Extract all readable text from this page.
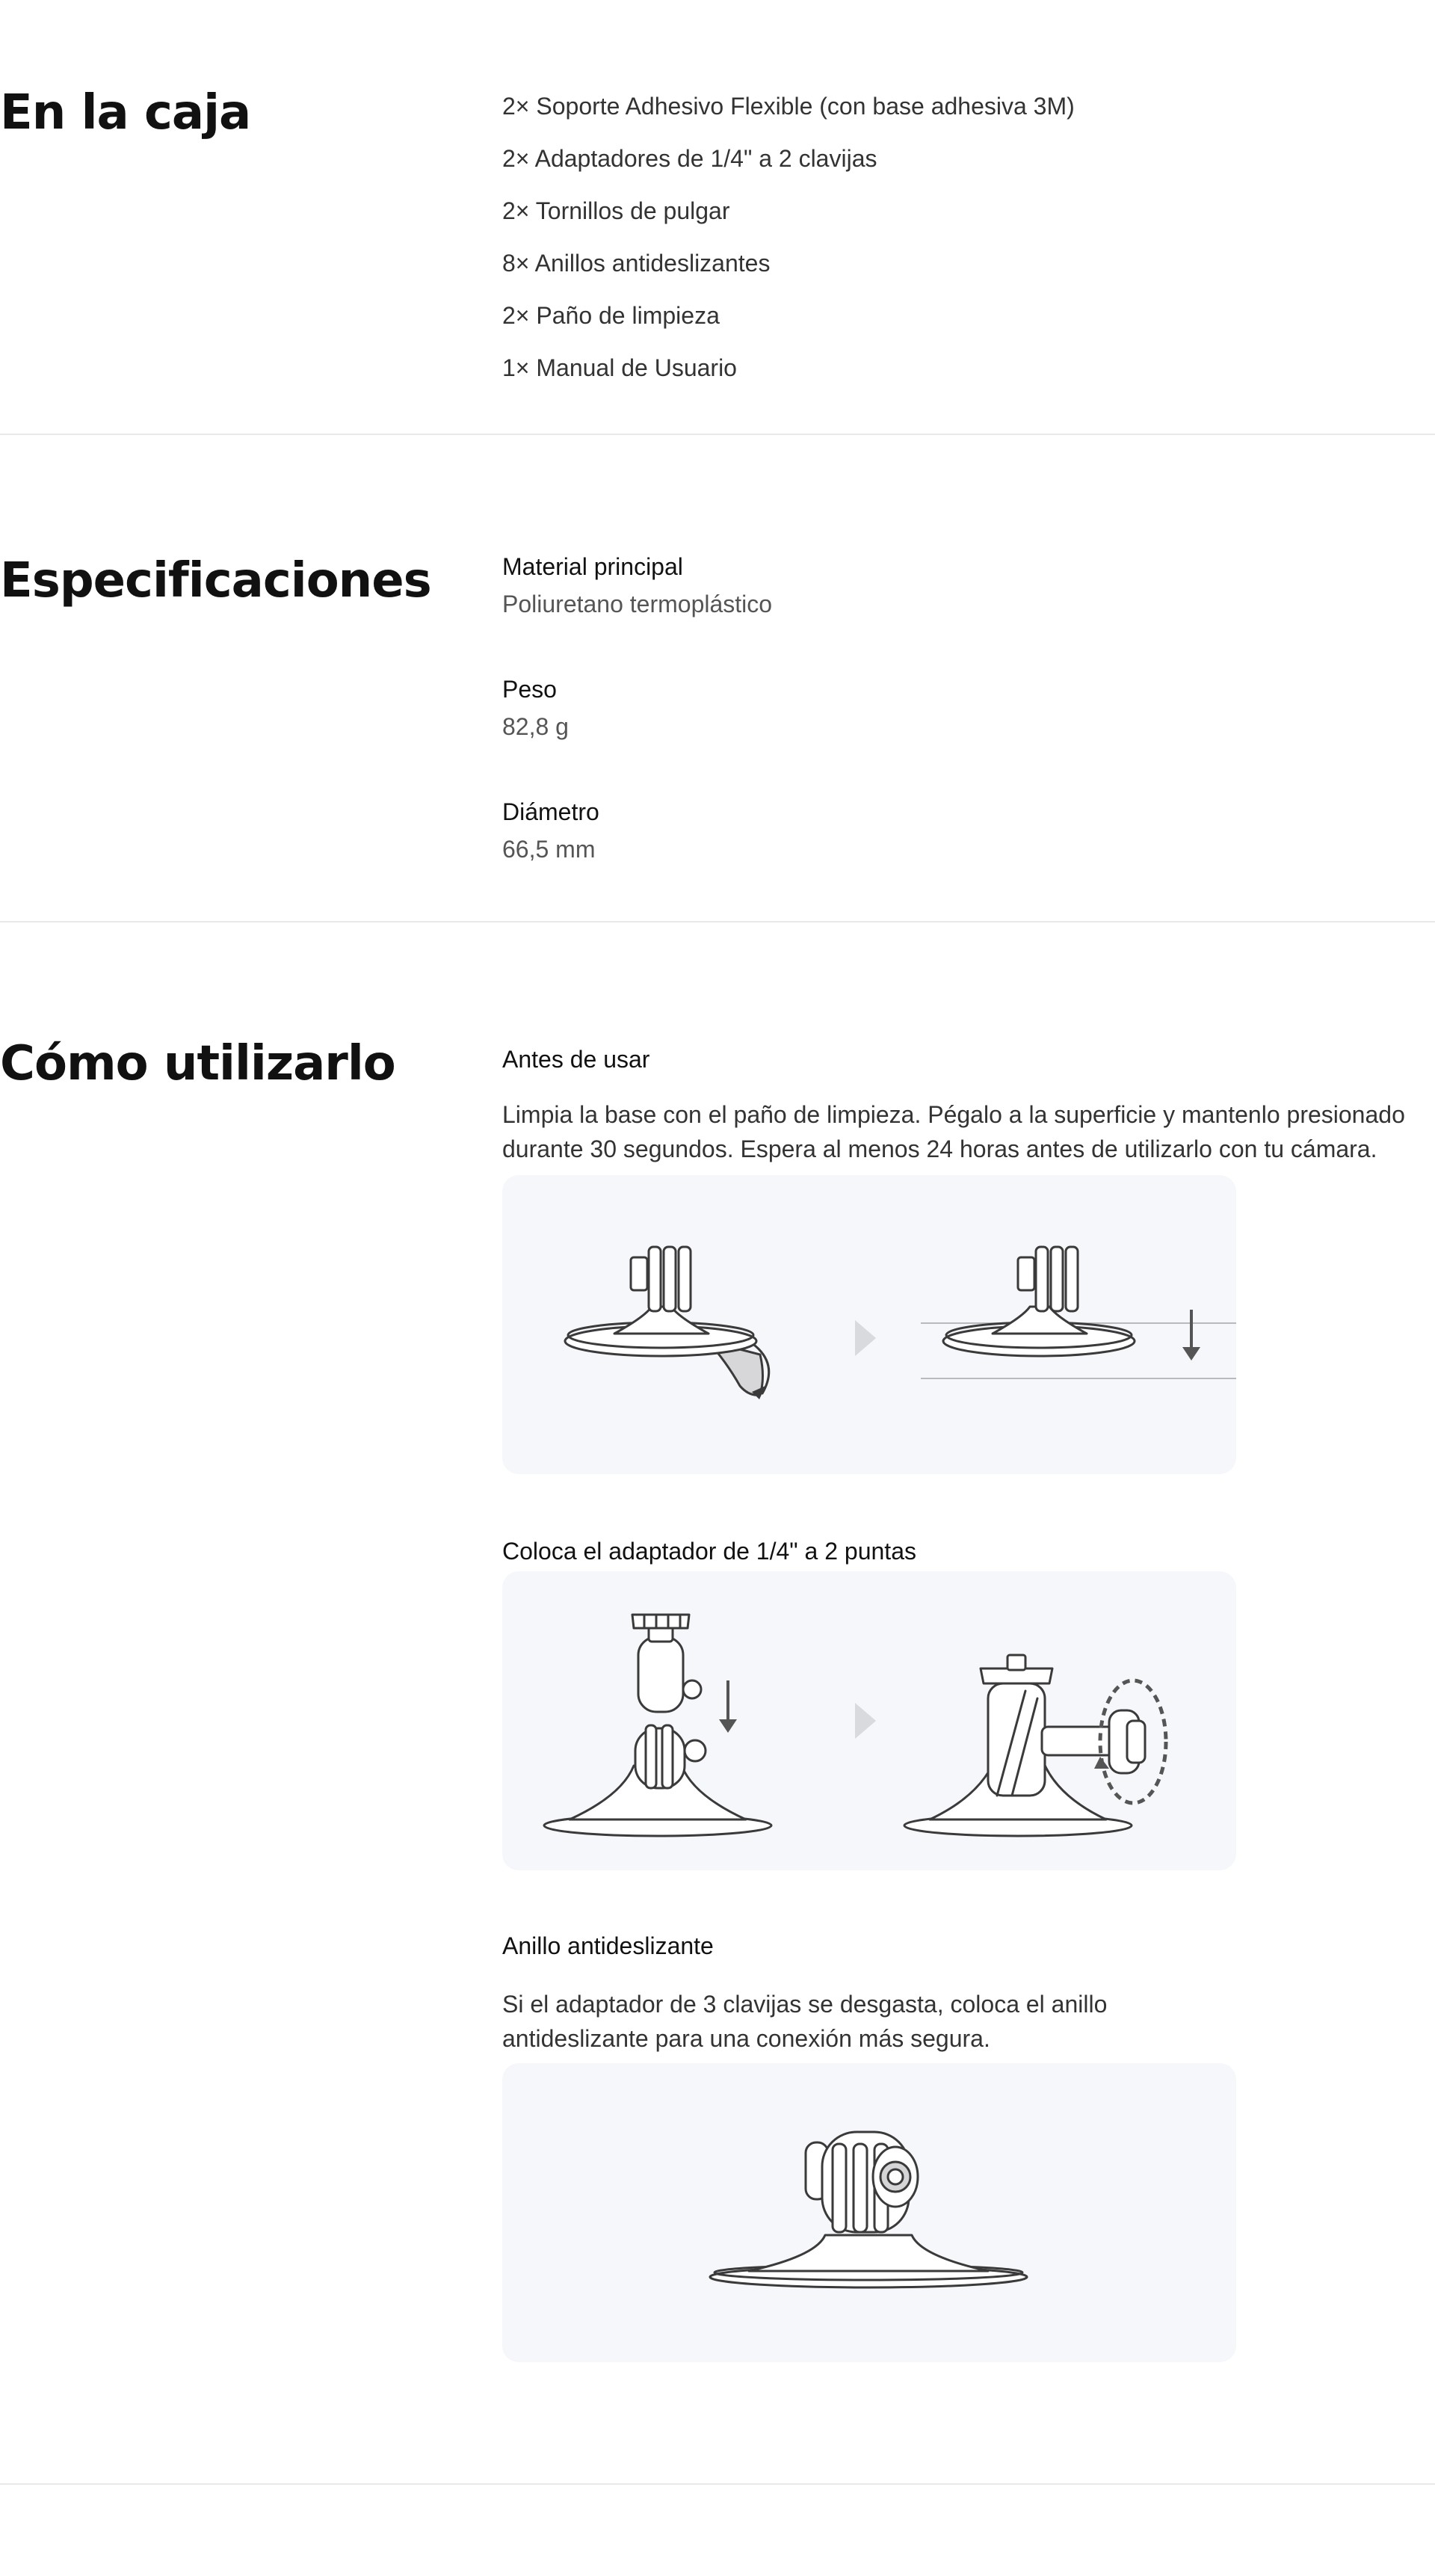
En la caja	2× Soporte Adhesivo Flexible (con base adhesiva 3M)
2× Adaptadores de 1/4" a 2 clavijas
2× Tornillos de pulgar
8× Anillos antideslizantes
2× Paño de limpieza
1× Manual de Usuario
Especificaciones	Material principal
Poliuretano termoplástico
Peso
82,8 g
Diámetro
66,5 mm
Cómo utilizarlo	Antes de usar

Limpia la base con el paño de limpieza. Pégalo a la superficie y mantenlo presionado durante 30 segundos. Espera al menos 24 horas antes de utilizarlo con tu cámara.

Coloca el adaptador de 1/4" a 2 puntas
Anillo antideslizante

Si el adaptador de 3 clavijas se desgasta, coloca el anillo antideslizante para una conexión más segura.
